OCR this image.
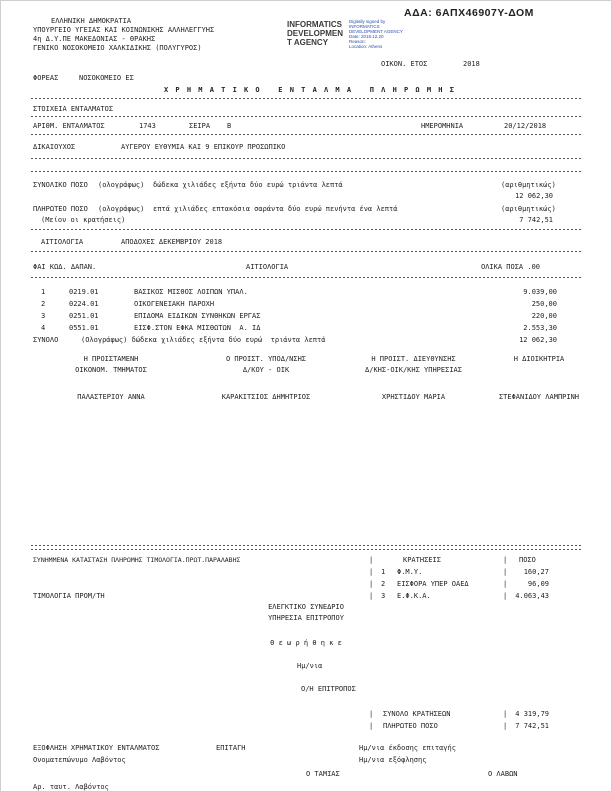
ΕΛΛΗΝΙΚΗ ΔΗΜΟΚΡΑΤΙΑ
ΥΠΟΥΡΓΕΙΟ ΥΓΕΙΑΣ ΚΑΙ ΚΟΙΝΩΝΙΚΗΣ ΑΛΛΗΛΕΓΓΥΗΣ
4η Δ.Υ.ΠΕ ΜΑΚΕΔΟΝΙΑΣ - ΘΡΑΚΗΣ
ΓΕΝΙΚΟ ΝΟΣΟΚΟΜΕΙΟ ΧΑΛΚΙΔΙΚΗΣ (ΠΟΛΥΓΥΡΟΣ)
INFORMATICS
DEVELOPMEN
T AGENCY
Digitally signed by
INFORMATICS
DEVELOPMENT AGENCY
Date: 2018.12.20
Reason:
Location: Athens
ΑΔΑ: 6ΑΠΧ46907Υ-ΔΟΜ
ΟΙΚΟΝ. ΕΤΟΣ	2018
ΦΟΡΕΑΣ	ΝΟΣΟΚΟΜΕΙΟ ΕΣ
Χ Ρ Η Μ Α Τ Ι Κ Ο   Ε Ν Τ Α Λ Μ Α   Π Λ Η Ρ Ω Μ Η Σ
ΣΤΟΙΧΕΙΑ ΕΝΤΑΛΜΑΤΟΣ
ΑΡΙΘΜ. ΕΝΤΑΛΜΑΤΟΣ	1743	ΣΕΙΡΑ Β	ΗΜΕΡΟΜΗΝΙΑ	20/12/2018
ΔΙΚΑΙΟΥΧΟΣ	ΑΥΓΕΡΟΥ ΕΥΘΥΜΙΑ ΚΑΙ 9 ΕΠΙΚΟΥΡ ΠΡΟΣΩΠΙΚΟ
ΣΥΝΟΛΙΚΟ ΠΟΣΟ (ολογράφως) δώδεκα χιλιάδες εξήντα δύο ευρώ τριάντα λεπτά	(αριθμητικώς)
12 062,30
ΠΛΗΡΩΤΕΟ ΠΟΣΟ (ολογράφως) επτά χιλιάδες επτακόσια σαράντα δύο ευρώ πενήντα ένα λεπτά	(αριθμητικώς)
(Μείον οι κρατήσεις)	7 742,51
ΑΙΤΙΟΛΟΓΙΑ	ΑΠΟΔΟΧΕΣ ΔΕΚΕΜΒΡΙΟΥ 2018
ΦΑΙ ΚΩΔ. ΔΑΠΑΝ.	ΑΙΤΙΟΛΟΓΙΑ	ΟΛΙΚΑ ΠΟΣΑ .00
1	0219.01	ΒΑΣΙΚΟΣ ΜΙΣΘΟΣ ΛΟΙΠΩΝ ΥΠΑΛ.	9.039,00
2	0224.01	ΟΙΚΟΓΕΝΕΙΑΚΗ ΠΑΡΟΧΗ	250,00
3	0251.01	ΕΠΙΔΟΜΑ ΕΙΔΙΚΩΝ ΣΥΝΘΗΚΩΝ ΕΡΓΑΣ	220,00
4	0551.01	ΕΙΣΦ.ΣΤΟΝ ΕΦΚΑ ΜΙΣΘΩΤΩΝ  Α. ΙΔ	2.553,30
ΣΥΝΟΛΟ	(Ολογράφως) δώδεκα χιλιάδες εξήντα δύο ευρώ  τριάντα λεπτά	12 062,30
Η ΠΡΟΙΣΤΑΜΕΝΗ	Ο ΠΡΟΙΣΤ. ΥΠΟΔ/ΝΣΗΣ	Η ΠΡΟΙΣΤ. ΔΙΕΥΘΥΝΣΗΣ	Η ΔΙΟΙΚΗΤΡΙΑ
ΟΙΚΟΝΟΜ. ΤΜΗΜΑΤΟΣ	Δ/ΚΟΥ - ΟΙΚ	Δ/ΚΗΣ-ΟΙΚ/ΚΗΣ ΥΠΗΡΕΣΙΑΣ
ΠΑΛΑΣΤΕΡΙΟΥ ΑΝΝΑ	ΚΑΡΑΚΙΤΣΙΟΣ ΔΗΜΗΤΡΙΟΣ	ΧΡΗΣΤΙΔΟΥ ΜΑΡΙΑ	ΣΤΕΦΑΝΙΔΟΥ ΛΑΜΠΡΙΝΗ
ΣΥΝΗΜΜΕΝΑ ΚΑΤΑΣΤΑΣΗ ΠΛΗΡΩΜΗΣ ΤΙΜΟΛΟΓΙΑ.ΠΡΩΤ.ΠΑΡΑΛΑΒΗΣ	|	ΚΡΑΤΗΣΕΙΣ	| ΠΟΣΟ
| 1 Φ.Μ.Υ.	|	160,27
| 2 ΕΙΣΦΟΡΑ ΥΠΕΡ ΟΑΕΔ	|	96,09
ΤΙΜΟΛΟΓΙΑ ΠΡΟΜ/ΤΗ	| 3 Ε.Φ.Κ.Α.	|	4.063,43
ΕΛΕΓΚΤΙΚΟ ΣΥΝΕΔΡΙΟ
ΥΠΗΡΕΣΙΑ ΕΠΙΤΡΟΠΟΥ
Θ ε ω ρ ή θ η κ ε
Ημ/νια
Ο/Η ΕΠΙΤΡΟΠΟΣ
| ΣΥΝΟΛΟ ΚΡΑΤΗΣΕΩΝ	|	4 319,79
| ΠΛΗΡΩΤΕΟ ΠΟΣΟ	|	7 742,51
ΕΞΟΦΛΗΣΗ ΧΡΗΜΑΤΙΚΟΥ ΕΝΤΑΛΜΑΤΟΣ	ΕΠΙΤΑΓΗ	Ημ/νια έκδοσης επιταγής
Ονοματεπώνυμο Λαβόντος	Ημ/νια εξόφλησης
Ο ΤΑΜΙΑΣ	Ο ΛΑΒΩΝ
Αρ. ταυτ. Λαβόντος
